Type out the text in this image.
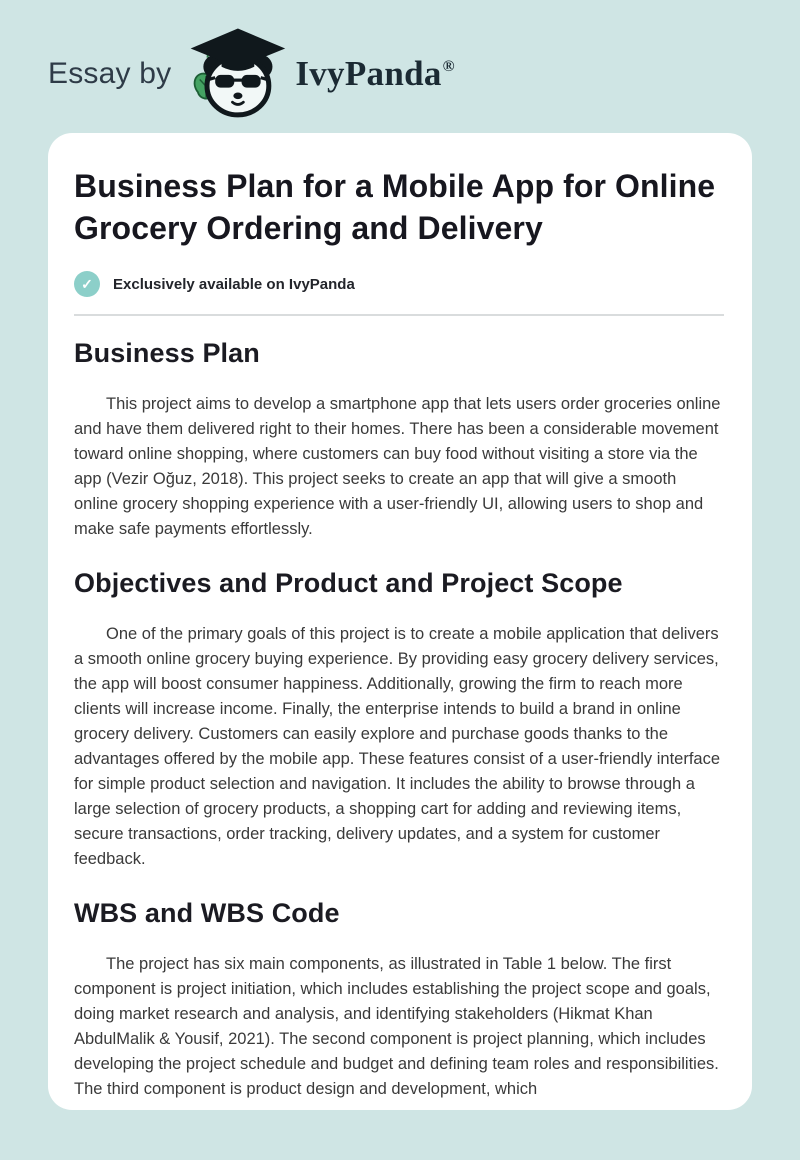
Essay by	IvyPanda®
Business Plan for a Mobile App for Online Grocery Ordering and Delivery
✓	Exclusively available on IvyPanda
Business Plan

This project aims to develop a smartphone app that lets users order groceries online and have them delivered right to their homes. There has been a considerable movement toward online shopping, where customers can buy food without visiting a store via the app (Vezir Oğuz, 2018). This project seeks to create an app that will give a smooth online grocery shopping experience with a user-friendly UI, allowing users to shop and make safe payments effortlessly.

Objectives and Product and Project Scope

One of the primary goals of this project is to create a mobile application that delivers a smooth online grocery buying experience. By providing easy grocery delivery services, the app will boost consumer happiness. Additionally, growing the firm to reach more clients will increase income. Finally, the enterprise intends to build a brand in online grocery delivery. Customers can easily explore and purchase goods thanks to the advantages offered by the mobile app. These features consist of a user-friendly interface for simple product selection and navigation. It includes the ability to browse through a large selection of grocery products, a shopping cart for adding and reviewing items, secure transactions, order tracking, delivery updates, and a system for customer feedback.

WBS and WBS Code

The project has six main components, as illustrated in Table 1 below. The first component is project initiation, which includes establishing the project scope and goals, doing market research and analysis, and identifying stakeholders (Hikmat Khan AbdulMalik & Yousif, 2021). The second component is project planning, which includes developing the project schedule and budget and defining team roles and responsibilities. The third component is product design and development, which
